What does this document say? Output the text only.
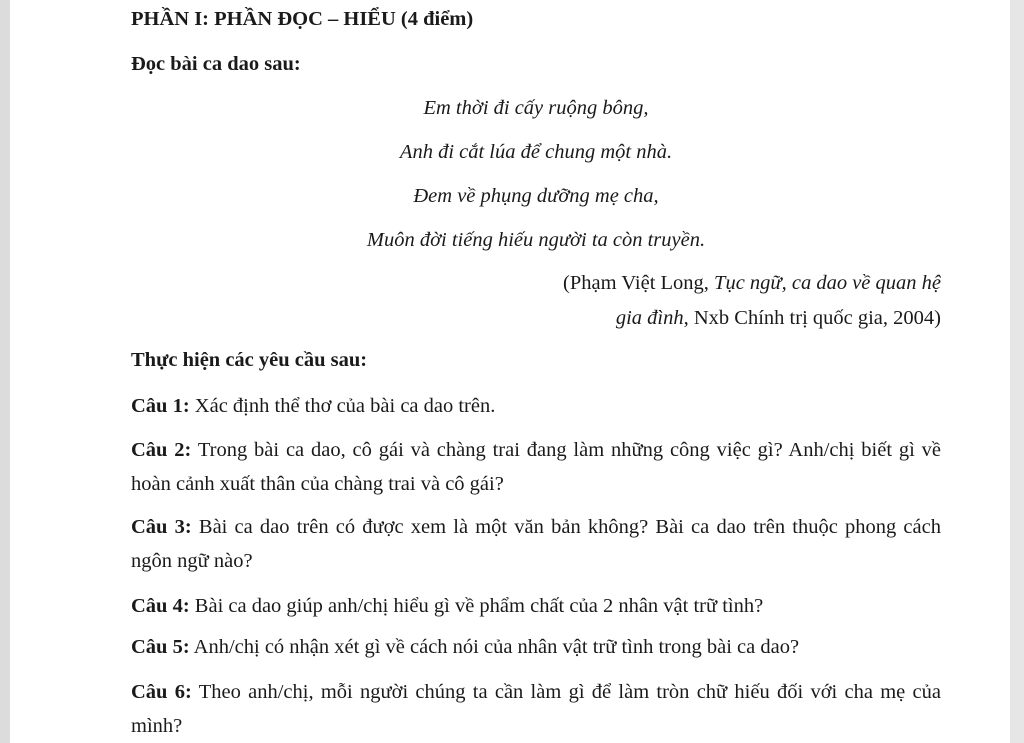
PHẦN I: PHẦN ĐỌC – HIỂU (4 điểm)
Đọc bài ca dao sau:
Em thời đi cấy ruộng bông,
Anh đi cắt lúa để chung một nhà.
Đem về phụng dưỡng mẹ cha,
Muôn đời tiếng hiếu người ta còn truyền.
(Phạm Việt Long, Tục ngữ, ca dao về quan hệ
gia đình, Nxb Chính trị quốc gia, 2004)
Thực hiện các yêu cầu sau:
Câu 1: Xác định thể thơ của bài ca dao trên.
Câu 2: Trong bài ca dao, cô gái và chàng trai đang làm những công việc gì? Anh/chị biết gì về hoàn cảnh xuất thân của chàng trai và cô gái?
Câu 3: Bài ca dao trên có được xem là một văn bản không? Bài ca dao trên thuộc phong cách ngôn ngữ nào?
Câu 4: Bài ca dao giúp anh/chị hiểu gì về phẩm chất của 2 nhân vật trữ tình?
Câu 5: Anh/chị có nhận xét gì về cách nói của nhân vật trữ tình trong bài ca dao?
Câu 6: Theo anh/chị, mỗi người chúng ta cần làm gì để làm tròn chữ hiếu đối với cha mẹ của mình?
